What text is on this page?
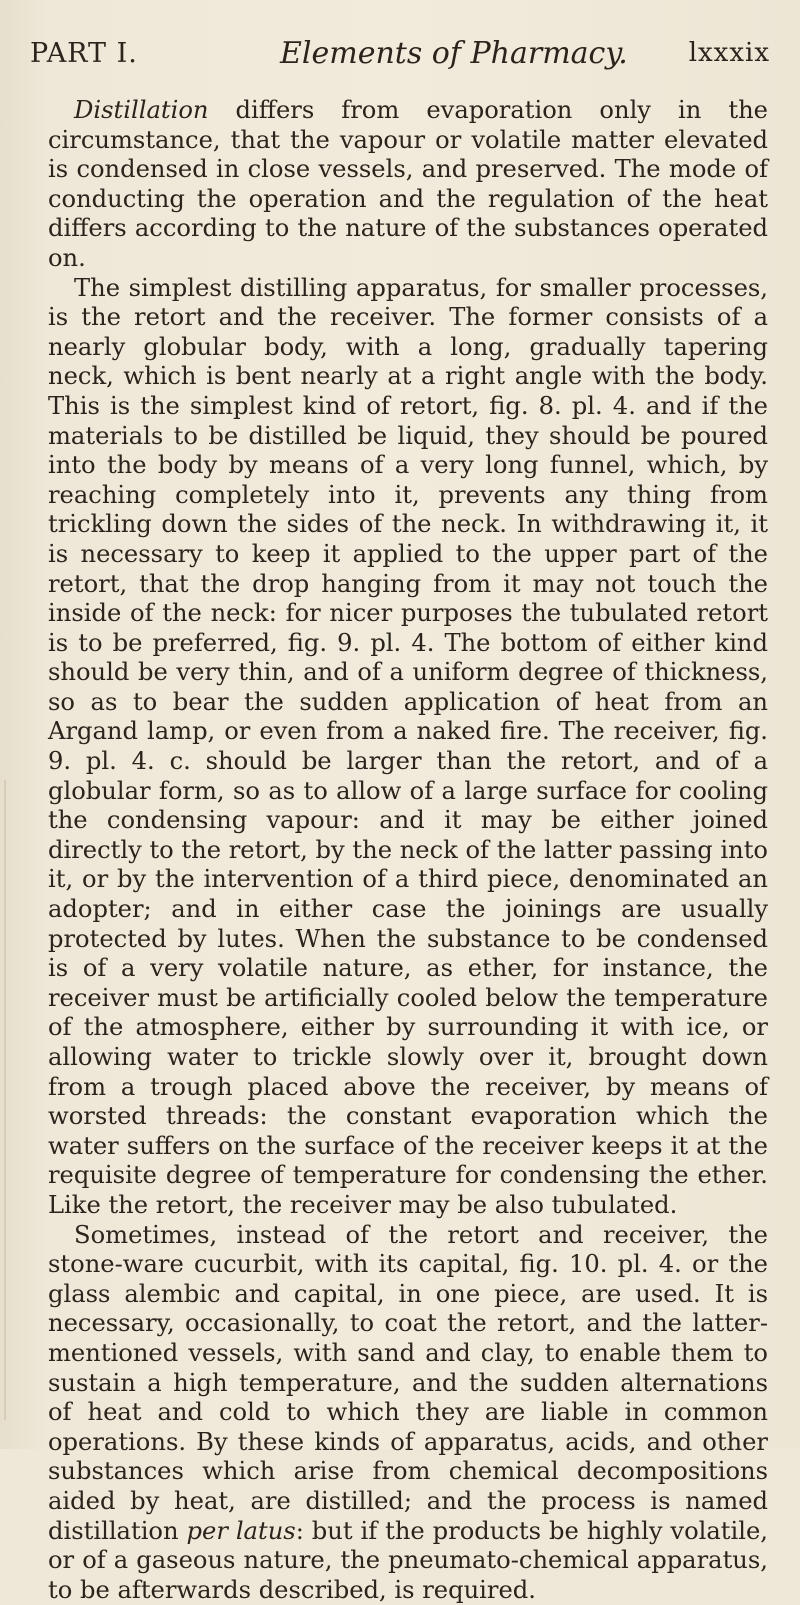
PART I.	Elements of Pharmacy. lxxxix

Distillation differs from evaporation only in the circumstance, that the vapour or volatile matter elevated is condensed in close vessels, and preserved. The mode of conducting the operation and the regulation of the heat differs according to the nature of the substances operated on.

The simplest distilling apparatus, for smaller processes, is the retort and the receiver. The former consists of a nearly globular body, with a long, gradually tapering neck, which is bent nearly at a right angle with the body. This is the simplest kind of retort, fig. 8. pl. 4. and if the materials to be distilled be liquid, they should be poured into the body by means of a very long funnel, which, by reaching completely into it, prevents any thing from trickling down the sides of the neck. In withdrawing it, it is necessary to keep it applied to the upper part of the retort, that the drop hanging from it may not touch the inside of the neck: for nicer purposes the tubulated retort is to be preferred, fig. 9. pl. 4. The bottom of either kind should be very thin, and of a uniform degree of thickness, so as to bear the sudden application of heat from an Argand lamp, or even from a naked fire. The receiver, fig. 9. pl. 4. c. should be larger than the retort, and of a globular form, so as to allow of a large surface for cooling the condensing vapour: and it may be either joined directly to the retort, by the neck of the latter passing into it, or by the intervention of a third piece, denominated an adopter; and in either case the joinings are usually protected by lutes. When the substance to be condensed is of a very volatile nature, as ether, for instance, the receiver must be artificially cooled below the temperature of the atmosphere, either by surrounding it with ice, or allowing water to trickle slowly over it, brought down from a trough placed above the receiver, by means of worsted threads: the constant evaporation which the water suffers on the surface of the receiver keeps it at the requisite degree of temperature for condensing the ether. Like the retort, the receiver may be also tubulated.

Sometimes, instead of the retort and receiver, the stone-ware cucurbit, with its capital, fig. 10. pl. 4. or the glass alembic and capital, in one piece, are used. It is necessary, occasionally, to coat the retort, and the latter-mentioned vessels, with sand and clay, to enable them to sustain a high temperature, and the sudden alternations of heat and cold to which they are liable in common operations. By these kinds of apparatus, acids, and other substances which arise from chemical decompositions aided by heat, are distilled; and the process is named distillation per latus: but if the products be highly volatile, or of a gaseous nature, the pneumato-chemical apparatus, to be afterwards described, is required.
